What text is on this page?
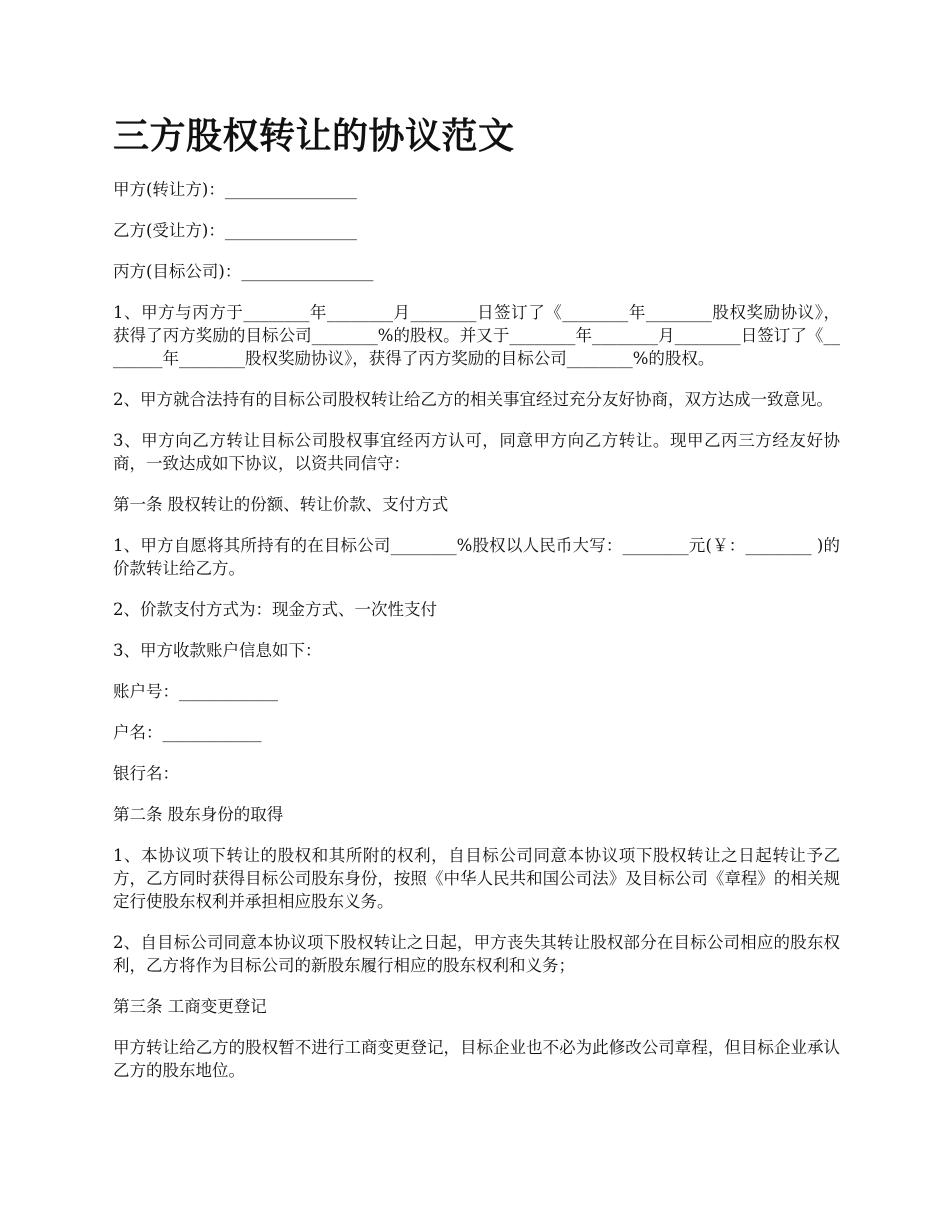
三方股权转让的协议范文

甲方(转让方)：________________

乙方(受让方)：________________

丙方(目标公司)：________________

1、甲方与丙方于________年________月________日签订了《________年________股权奖励协议》，获得了丙方奖励的目标公司________%的股权。并又于________年________月________日签订了《________年________股权奖励协议》，获得了丙方奖励的目标公司________%的股权。

2、甲方就合法持有的目标公司股权转让给乙方的相关事宜经过充分友好协商，双方达成一致意见。

3、甲方向乙方转让目标公司股权事宜经丙方认可，同意甲方向乙方转让。现甲乙丙三方经友好协商，一致达成如下协议，以资共同信守：

第一条 股权转让的份额、转让价款、支付方式

1、甲方自愿将其所持有的在目标公司________%股权以人民币大写：________元(￥：________ )的价款转让给乙方。

2、价款支付方式为：现金方式、一次性支付

3、甲方收款账户信息如下：

账户号：____________

户名：____________

银行名：

第二条 股东身份的取得

1、本协议项下转让的股权和其所附的权利，自目标公司同意本协议项下股权转让之日起转让予乙方，乙方同时获得目标公司股东身份，按照《中华人民共和国公司法》及目标公司《章程》的相关规定行使股东权利并承担相应股东义务。

2、自目标公司同意本协议项下股权转让之日起，甲方丧失其转让股权部分在目标公司相应的股东权利，乙方将作为目标公司的新股东履行相应的股东权利和义务；

第三条 工商变更登记

甲方转让给乙方的股权暂不进行工商变更登记，目标企业也不必为此修改公司章程，但目标企业承认乙方的股东地位。
